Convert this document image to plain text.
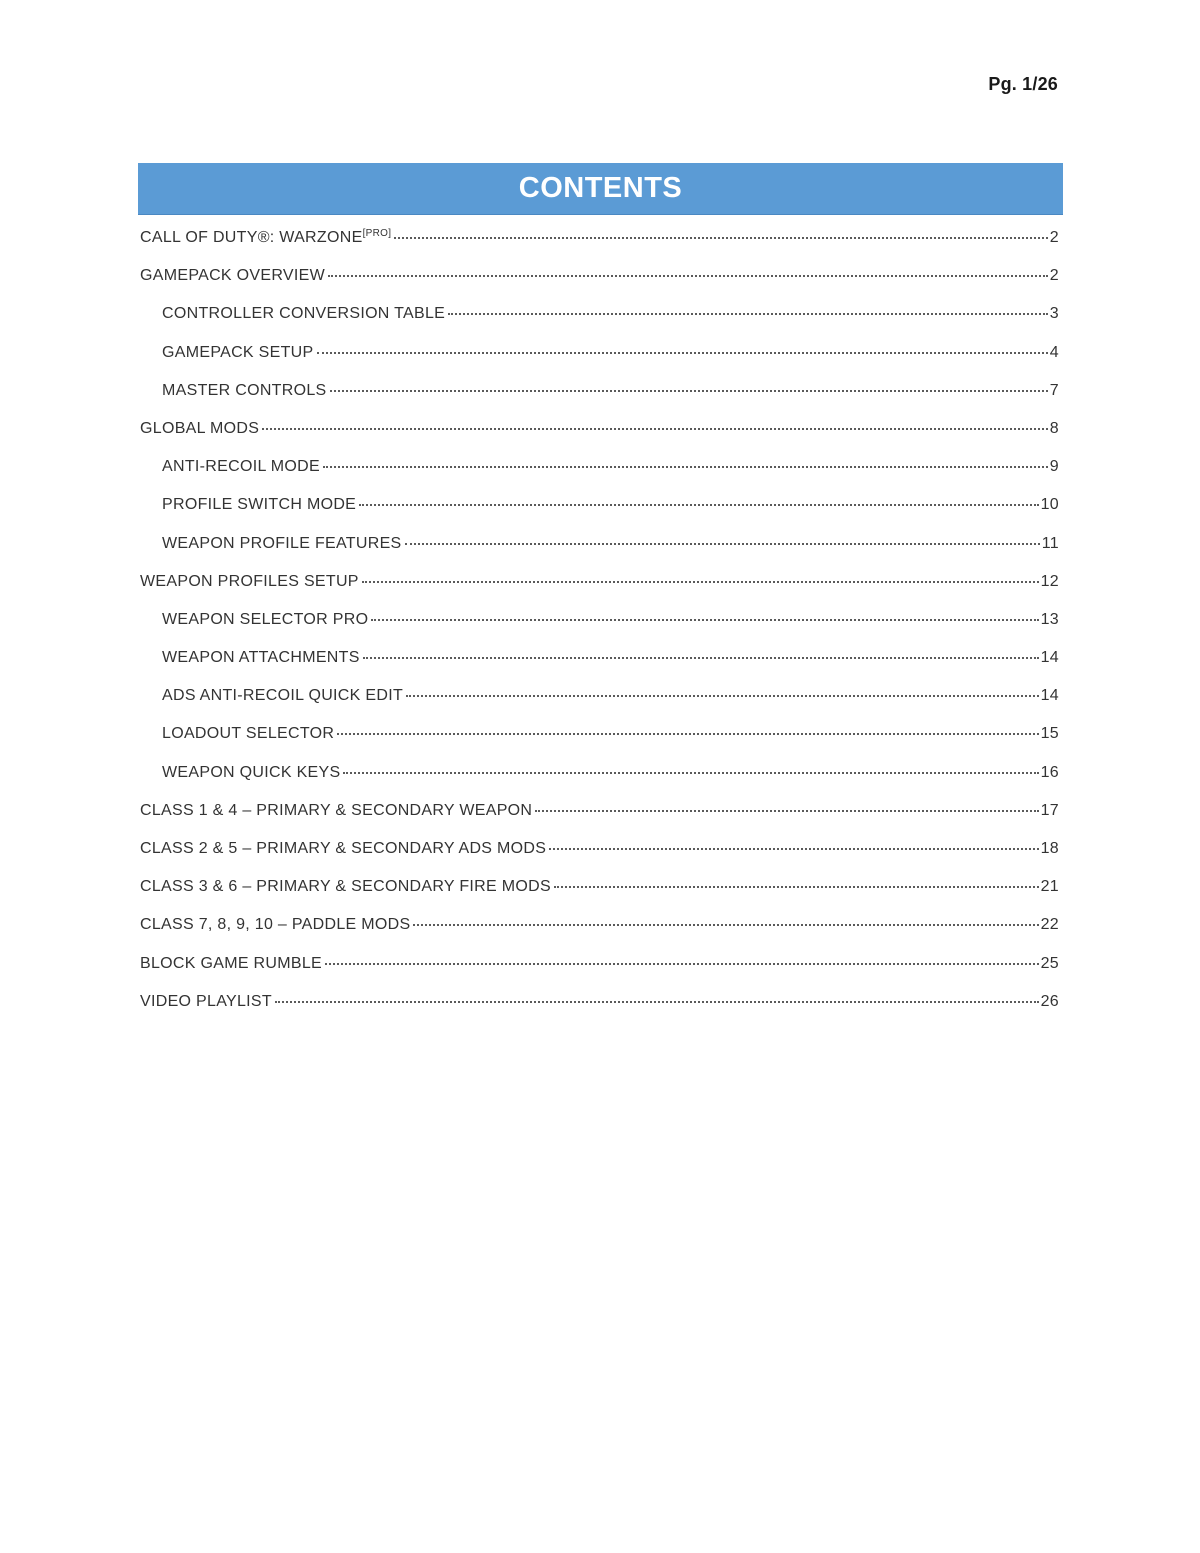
Pg. 1/26
CONTENTS
CALL OF DUTY®: WARZONE[PRO]	2
GAMEPACK OVERVIEW	2
CONTROLLER CONVERSION TABLE	3
GAMEPACK SETUP	4
MASTER CONTROLS	7
GLOBAL MODS	8
ANTI-RECOIL MODE	9
PROFILE SWITCH MODE	10
WEAPON PROFILE FEATURES	11
WEAPON PROFILES SETUP	12
WEAPON SELECTOR PRO	13
WEAPON ATTACHMENTS	14
ADS ANTI-RECOIL QUICK EDIT	14
LOADOUT SELECTOR	15
WEAPON QUICK KEYS	16
CLASS 1 & 4 – PRIMARY & SECONDARY WEAPON	17
CLASS 2 & 5 – PRIMARY & SECONDARY ADS MODS	18
CLASS 3 & 6 – PRIMARY & SECONDARY FIRE MODS	21
CLASS 7, 8, 9, 10 – PADDLE MODS	22
BLOCK GAME RUMBLE	25
VIDEO PLAYLIST	26
